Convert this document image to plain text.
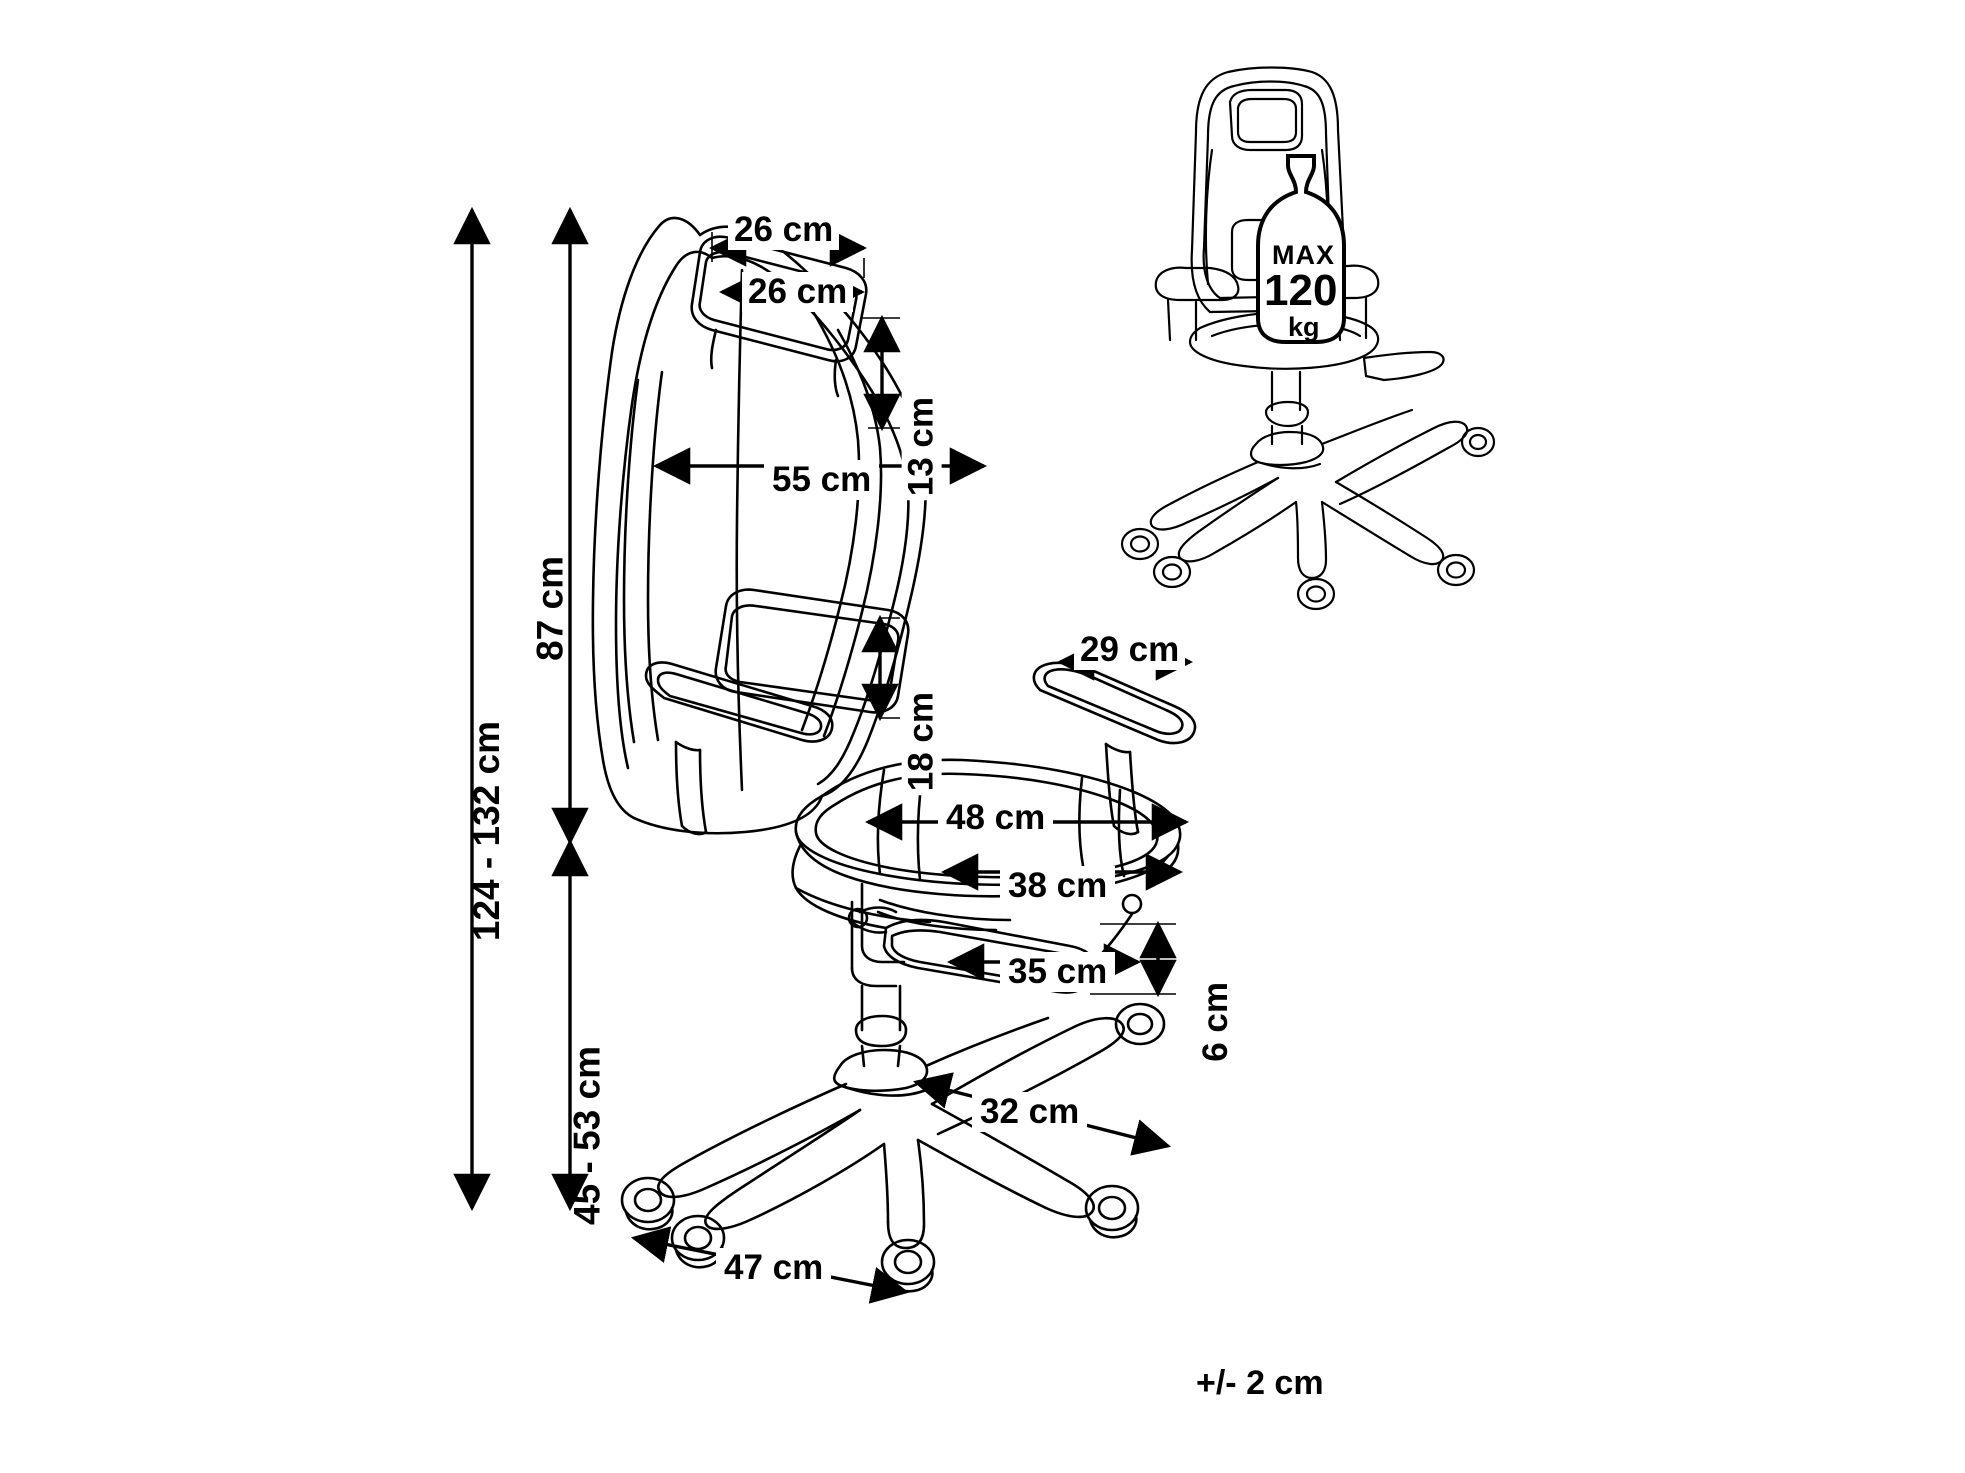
124 - 132 cm
87 cm
45 - 53 cm
26 cm
26 cm
13 cm
55 cm
18 cm
29 cm
48 cm
38 cm
35 cm
6 cm
32 cm
47 cm
MAX
120
kg
+/- 2 cm
